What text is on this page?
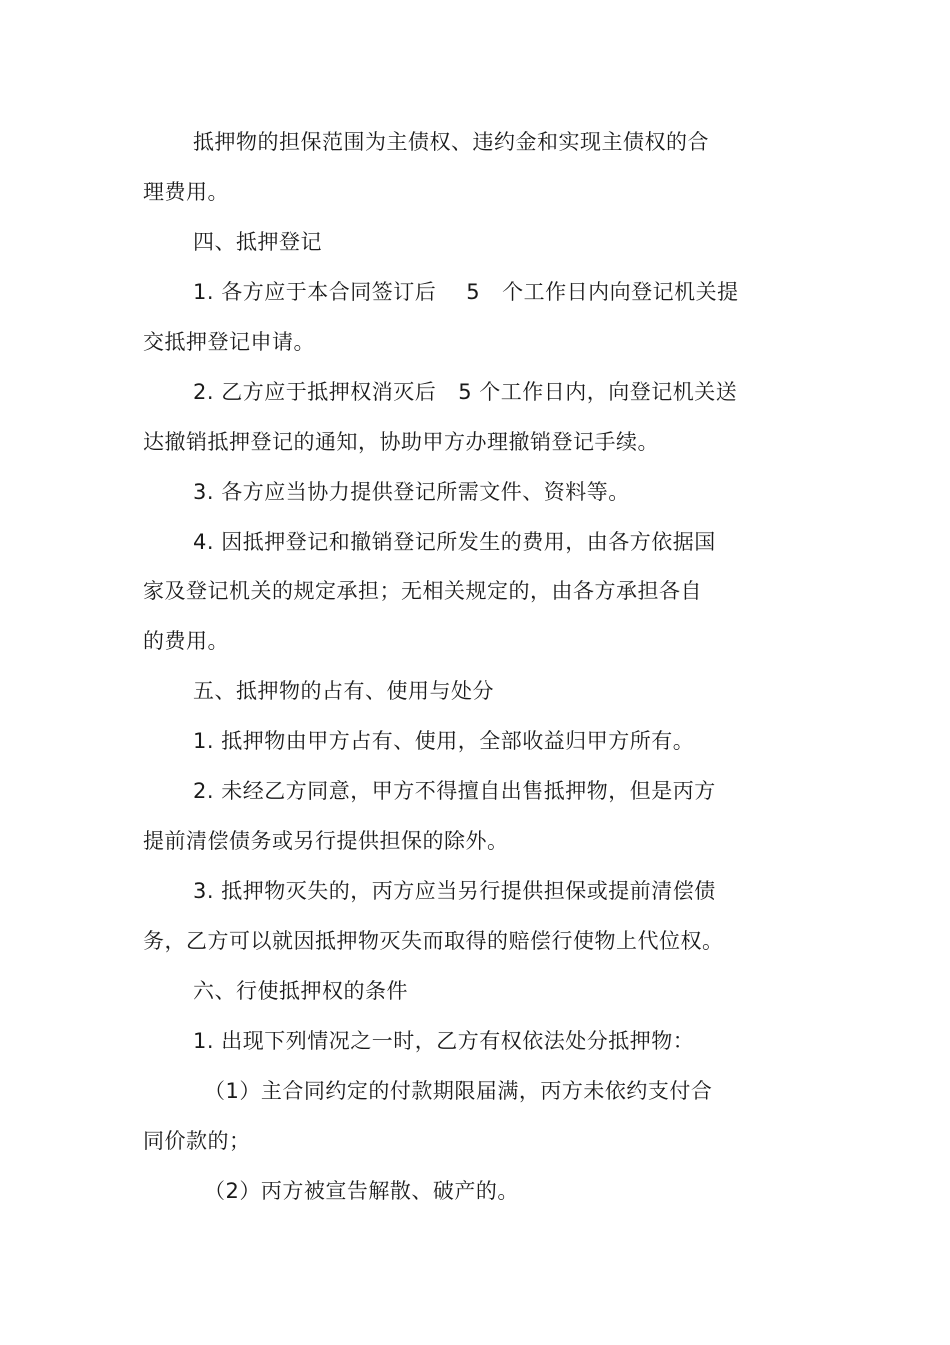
抵押物的担保范围为主债权、违约金和实现主债权的合
理费用。
四、抵押登记
1. 各方应于本合同签订后 5 个工作日内向登记机关提
交抵押登记申请。
2. 乙方应于抵押权消灭后 5 个工作日内，向登记机关送
达撤销抵押登记的通知，协助甲方办理撤销登记手续。
3. 各方应当协力提供登记所需文件、资料等。
4. 因抵押登记和撤销登记所发生的费用，由各方依据国
家及登记机关的规定承担；无相关规定的，由各方承担各自
的费用。
五、抵押物的占有、使用与处分
1. 抵押物由甲方占有、使用，全部收益归甲方所有。
2. 未经乙方同意，甲方不得擅自出售抵押物，但是丙方
提前清偿债务或另行提供担保的除外。
3. 抵押物灭失的，丙方应当另行提供担保或提前清偿债
务，乙方可以就因抵押物灭失而取得的赔偿行使物上代位权。
六、行使抵押权的条件
1. 出现下列情况之一时，乙方有权依法处分抵押物：
（1）主合同约定的付款期限届满，丙方未依约支付合
同价款的；
（2）丙方被宣告解散、破产的。
